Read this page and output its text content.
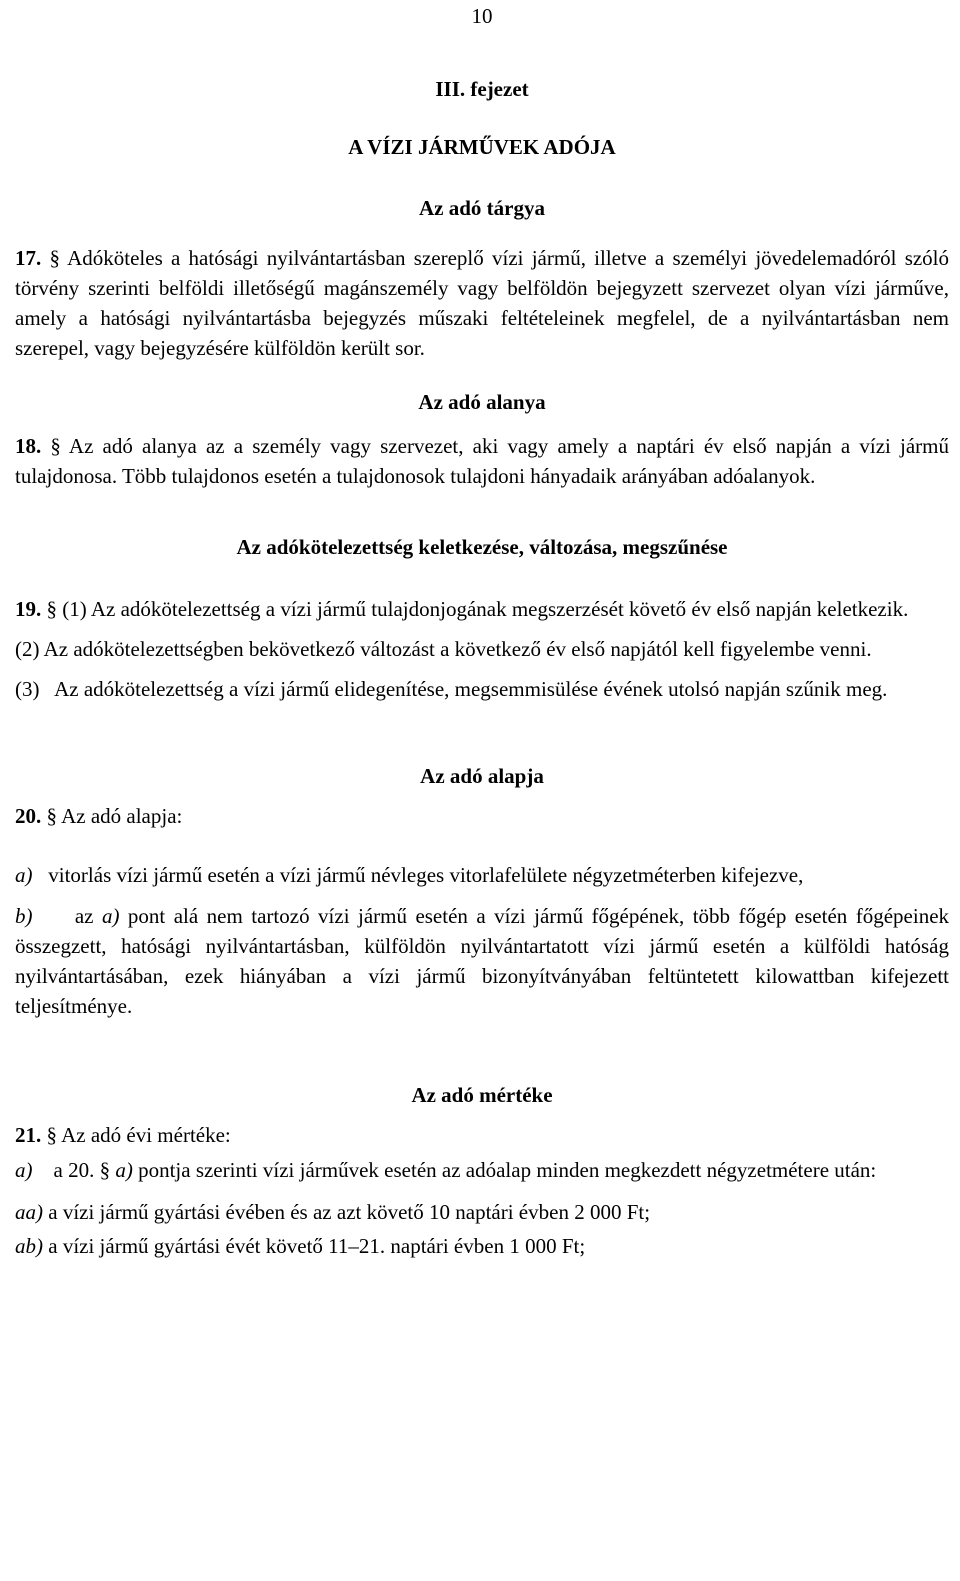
10
III. fejezet
A VÍZI JÁRMŰVEK ADÓJA
Az adó tárgya

17. § Adóköteles a hatósági nyilvántartásban szereplő vízi jármű, illetve a személyi jövedelemadóról szóló törvény szerinti belföldi illetőségű magánszemély vagy belföldön bejegyzett szervezet olyan vízi járműve, amely a hatósági nyilvántartásba bejegyzés műszaki feltételeinek megfelel, de a nyilvántartásban nem szerepel, vagy bejegyzésére külföldön került sor.

Az adó alanya

18. § Az adó alanya az a személy vagy szervezet, aki vagy amely a naptári év első napján a vízi jármű tulajdonosa. Több tulajdonos esetén a tulajdonosok tulajdoni hányadaik arányában adóalanyok.

Az adókötelezettség keletkezése, változása, megszűnése

19. § (1) Az adókötelezettség a vízi jármű tulajdonjogának megszerzését követő év első napján keletkezik.

(2) Az adókötelezettségben bekövetkező változást a következő év első napjától kell figyelembe venni.

(3)   Az adókötelezettség a vízi jármű elidegenítése, megsemmisülése évének utolsó napján szűnik meg.

Az adó alapja
20. § Az adó alapja:

a) vitorlás vízi jármű esetén a vízi jármű névleges vitorlafelülete négyzetméterben kifejezve,

b) az a) pont alá nem tartozó vízi jármű esetén a vízi jármű főgépének, több főgép esetén főgépeinek összegzett, hatósági nyilvántartásban, külföldön nyilvántartatott vízi jármű esetén a külföldi hatóság nyilvántartásában, ezek hiányában a vízi jármű bizonyítványában feltüntetett kilowattban kifejezett teljesítménye.

Az adó mértéke
21. § Az adó évi mértéke:

a) a 20. § a) pontja szerinti vízi járművek esetén az adóalap minden megkezdett négyzetmétere után:

aa) a vízi jármű gyártási évében és az azt követő 10 naptári évben 2 000 Ft;

ab) a vízi jármű gyártási évét követő 11–21. naptári évben 1 000 Ft;
